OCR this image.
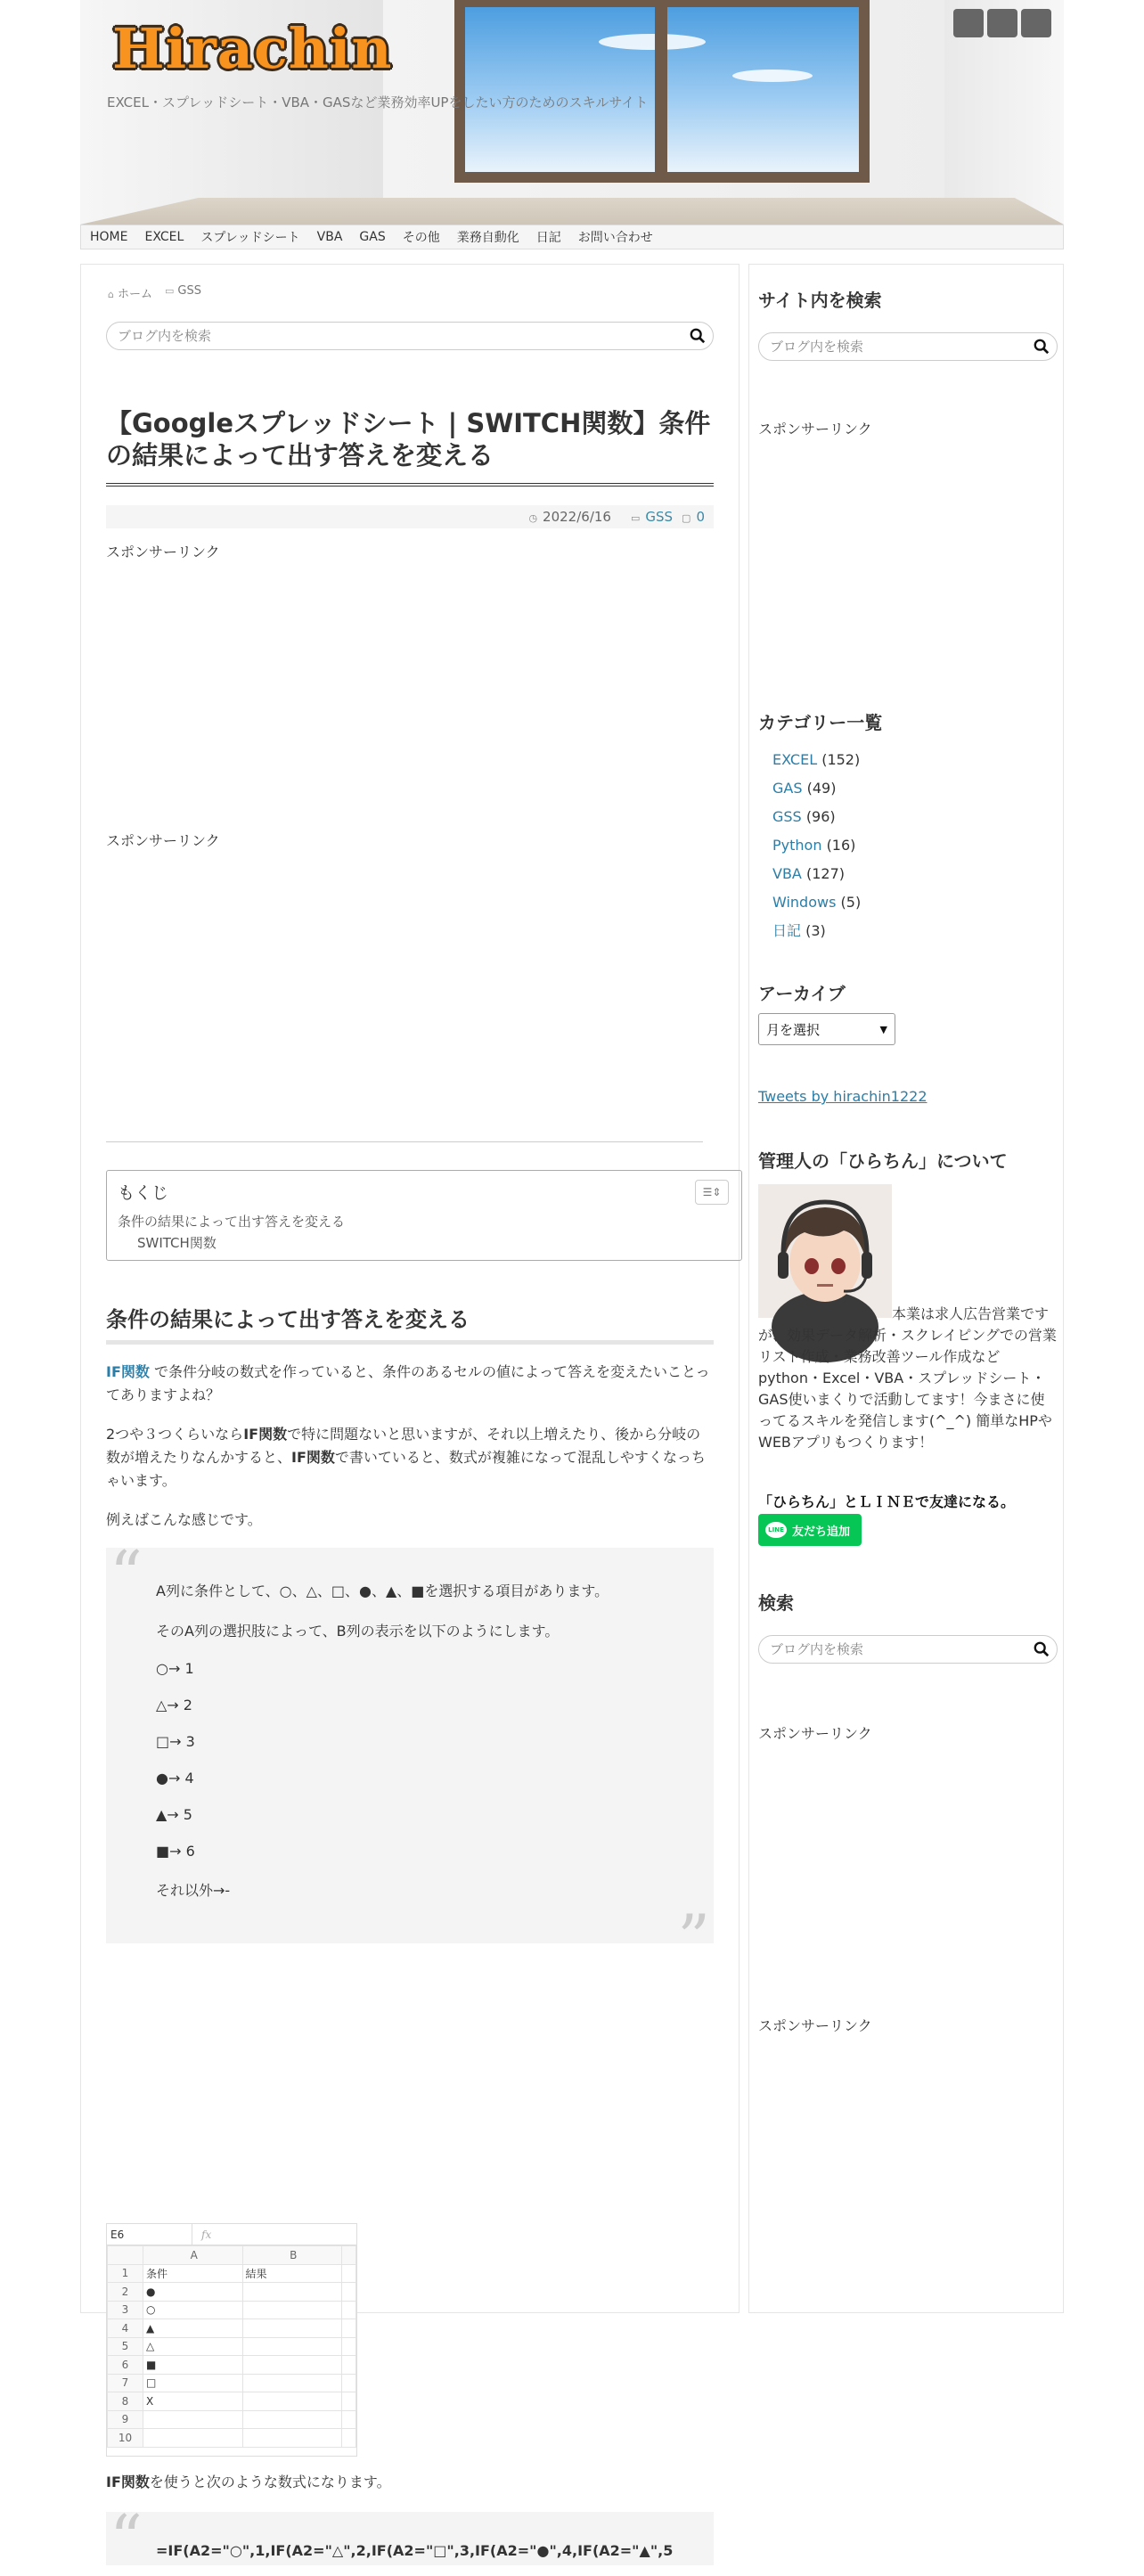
Hirachin
EXCEL・スプレッドシート・VBA・GASなど業務効率UPをしたい方のためのスキルサイト
HOME EXCEL スプレッドシート VBA GAS その他 業務自動化 日記 お問い合わせ
⌂ ホーム ▭ GSS
ブログ内を検索
【Googleスプレッドシート | SWITCH関数】条件の結果によって出す答えを変える
◷ 2022/6/16 ▭ GSS ▢ 0
スポンサーリンク
スポンサーリンク
もくじ
条件の結果によって出す答えを変える
SWITCH関数
☰⇕
条件の結果によって出す答えを変える
IF関数 で条件分岐の数式を作っていると、条件のあるセルの値によって答えを変えたいことってありますよね？
2つや３つくらいならIF関数で特に問題ないと思いますが、それ以上増えたり、後から分岐の数が増えたりなんかすると、IF関数で書いていると、数式が複雑になって混乱しやすくなっちゃいます。
例えばこんな感じです。
“ A列に条件として、○、△、□、●、▲、■を選択する項目があります。

そのA列の選択肢によって、B列の表示を以下のようにします。

○→ 1

△→ 2

□→ 3

●→ 4

▲→ 5

■→ 6

それ以外→-

”
E6	fx
	A	B	
1	条件	結果	
2	●		
3	○		
4	▲		
5	△		
6	■		
7	□		
8	X		
9			
10			
IF関数を使うと次のような数式になります。
“ =IF(A2="○",1,IF(A2="△",2,IF(A2="□",3,IF(A2="●",4,IF(A2="▲",5

サイト内を検索
ブログ内を検索
スポンサーリンク
カテゴリー一覧
EXCEL (152)
GAS (49)
GSS (96)
Python (16)
VBA (127)
Windows (5)
日記 (3)
アーカイブ
月を選択	▼
Tweets by hirachin1222
管理人の「ひらちん」について
本業は求人広告営業ですが、効果データ解析・スクレイピングでの営業リスト作成・業務改善ツール作成などpython・Excel・VBA・スプレッドシート・GAS使いまくりで活動してます！今まさに使ってるスキルを発信します(^_^) 簡単なHPやWEBアプリもつくります！
「ひらちん」とＬＩＮＥで友達になる。
LINE 友だち追加
検索
ブログ内を検索
スポンサーリンク
スポンサーリンク
